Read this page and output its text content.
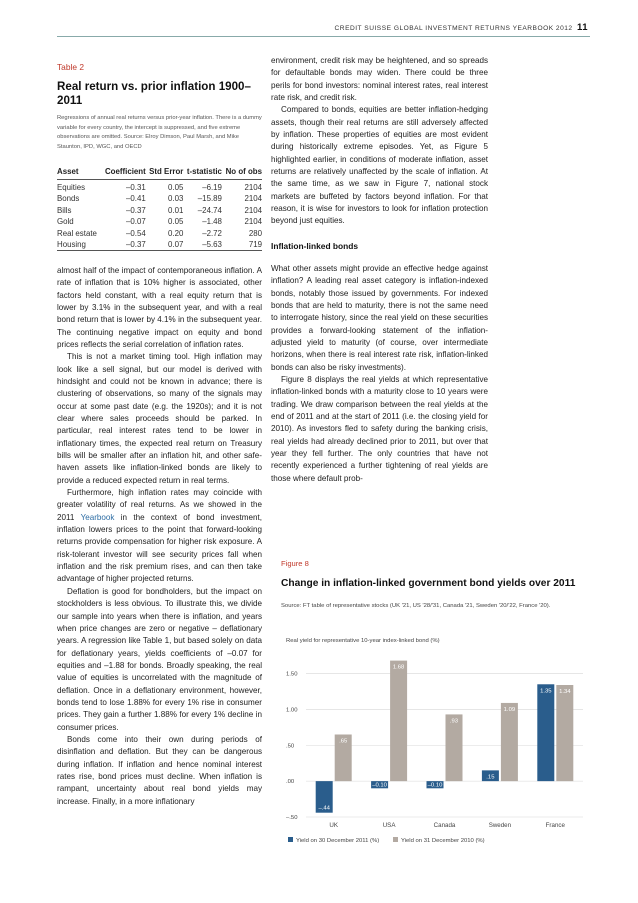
CREDIT SUISSE GLOBAL INVESTMENT RETURNS YEARBOOK 2012 11
Table 2
Real return vs. prior inflation 1900–2011
Regressions of annual real returns versus prior-year inflation. There is a dummy variable for every country, the intercept is suppressed, and five extreme observations are omitted. Source: Elroy Dimson, Paul Marsh, and Mike Staunton, IPD, WGC, and OECD
Asset	Coefficient	Std Error	t-statistic	No of obs
Equities	–0.31	0.05	–6.19	2104
Bonds	–0.41	0.03	–15.89	2104
Bills	–0.37	0.01	–24.74	2104
Gold	–0.07	0.05	–1.48	2104
Real estate	–0.54	0.20	–2.72	280
Housing	–0.37	0.07	–5.63	719

almost half of the impact of contemporaneous inflation. A rate of inflation that is 10% higher is associated, other factors held constant, with a real equity return that is lower by 3.1% in the subsequent year, and with a real bond return that is lower by 4.1% in the subsequent year. The continuing negative impact on equity and bond prices reflects the serial correlation of inflation rates.

This is not a market timing tool. High inflation may look like a sell signal, but our model is derived with hindsight and could not be known in advance; there is clustering of observations, so many of the signals may occur at some past date (e.g. the 1920s); and it is not clear where sales proceeds should be parked. In particular, real interest rates tend to be lower in inflationary times, the expected real return on Treasury bills will be smaller after an inflation hit, and other safe-haven assets like inflation-linked bonds are likely to provide a reduced expected return in real terms.

Furthermore, high inflation rates may coincide with greater volatility of real returns. As we showed in the 2011 Yearbook in the context of bond investment, inflation lowers prices to the point that forward-looking returns provide compensation for higher risk exposure. A risk-tolerant investor will see security prices fall when inflation and the risk premium rises, and can then take advantage of higher projected returns.

Deflation is good for bondholders, but the impact on stockholders is less obvious. To illustrate this, we divide our sample into years when there is inflation, and years when price changes are zero or negative – deflationary years. A regression like Table 1, but based solely on data for deflationary years, yields coefficients of –0.07 for equities and –1.88 for bonds. Broadly speaking, the real value of equities is uncorrelated with the magnitude of deflation. Once in a deflationary environment, however, bonds tend to lose 1.88% for every 1% rise in consumer prices. They gain a further 1.88% for every 1% decline in consumer prices.

Bonds come into their own during periods of disinflation and deflation. But they can be dangerous during inflation. If inflation and hence nominal interest rates rise, bond prices must decline. When inflation is rampant, uncertainty about real bond yields may increase. Finally, in a more inflationary

environment, credit risk may be heightened, and so spreads for defaultable bonds may widen. There could be three perils for bond investors: nominal interest rates, real interest rate risk, and credit risk.

Compared to bonds, equities are better inflation-hedging assets, though their real returns are still adversely affected by inflation. These properties of equities are most evident during historically extreme episodes. Yet, as Figure 5 highlighted earlier, in conditions of moderate inflation, asset returns are relatively unaffected by the scale of inflation. At the same time, as we saw in Figure 7, national stock markets are buffeted by factors beyond inflation. For that reason, it is wise for investors to look for inflation protection beyond just equities.

Inflation-linked bonds

What other assets might provide an effective hedge against inflation? A leading real asset category is inflation-indexed bonds, notably those issued by governments. For indexed bonds that are held to maturity, there is not the same need to interrogate history, since the real yield on these securities provides a forward-looking statement of the inflation-adjusted yield to maturity (of course, over intermediate horizons, when there is real interest rate risk, inflation-linked bonds can also be risky investments).

Figure 8 displays the real yields at which representative inflation-linked bonds with a maturity close to 10 years were trading. We draw comparison between the real yields at the end of 2011 and at the start of 2011 (i.e. the closing yield for 2010). As investors fled to safety during the banking crisis, real yields had already declined prior to 2011, but over that year they fell further. The only countries that have not recently experienced a further tightening of real yields are those where default prob-

Figure 8
Change in inflation-linked government bond yields over 2011
Source: FT table of representative stocks (UK '21, US '28/'31, Canada '21, Sweden '20/'22, France '20).
Real yield for representative 10-year index-linked bond (%)
–.50
.00
.50
1.00
1.50
–.44
.65
UK
–0.10
1.68
USA
–0.10
.93
Canada
.15
1.09
Sweden
1.35 1.34
France
Yield on 30 December 2011 (%)	Yield on 31 December 2010 (%)
